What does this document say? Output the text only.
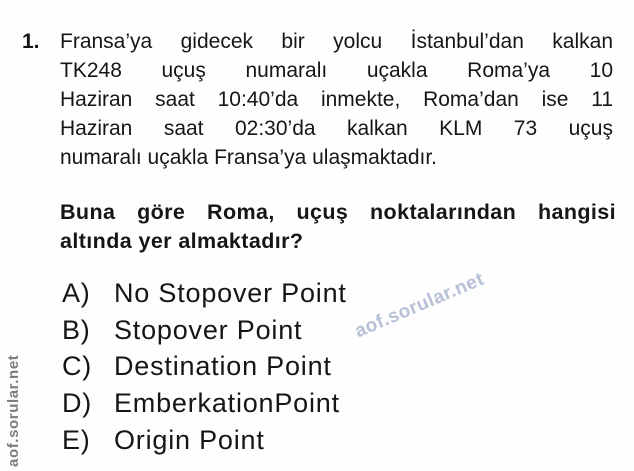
1. Fransa’ya gidecek bir yolcu İstanbul’dan kalkan
TK248 uçuş numaralı uçakla Roma’ya 10
Haziran saat 10:40’da inmekte, Roma’dan ise 11
Haziran saat 02:30’da kalkan KLM 73 uçuş
numaralı uçakla Fransa’ya ulaşmaktadır.
Buna göre Roma, uçuş noktalarından hangisi
altında yer almaktadır?
A) No Stopover Point
B) Stopover Point
C) Destination Point
D) EmberkationPoint
E) Origin Point
aof.sorular.net
aof.sorular.net
